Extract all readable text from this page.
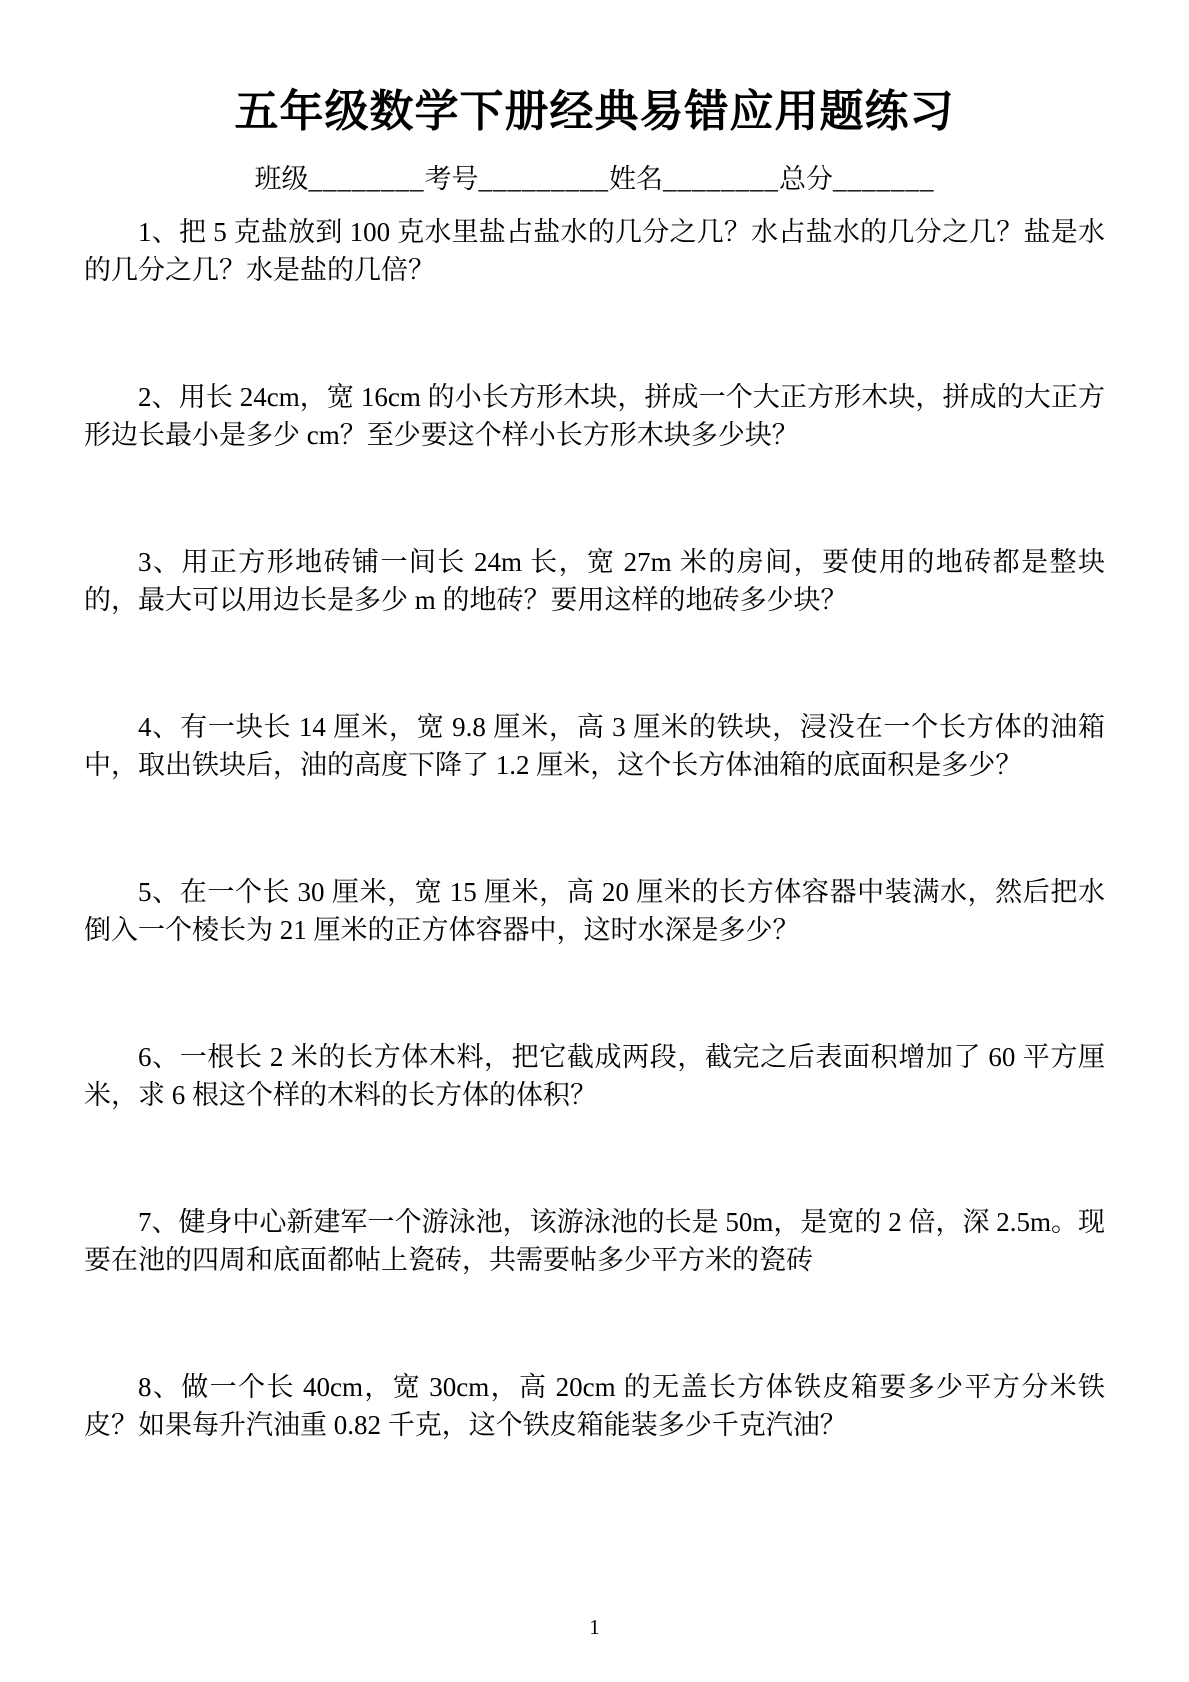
五年级数学下册经典易错应用题练习
班级________考号_________姓名________总分_______

1、把 5 克盐放到 100 克水里盐占盐水的几分之几？水占盐水的几分之几？盐是水的几分之几？水是盐的几倍？

2、用长 24cm，宽 16cm 的小长方形木块，拼成一个大正方形木块，拼成的大正方形边长最小是多少 cm？至少要这个样小长方形木块多少块？

3、用正方形地砖铺一间长 24m 长，宽 27m 米的房间，要使用的地砖都是整块的，最大可以用边长是多少 m 的地砖？要用这样的地砖多少块？

4、有一块长 14 厘米，宽 9.8 厘米，高 3 厘米的铁块，浸没在一个长方体的油箱中，取出铁块后，油的高度下降了 1.2 厘米，这个长方体油箱的底面积是多少？

5、在一个长 30 厘米，宽 15 厘米，高 20 厘米的长方体容器中装满水，然后把水倒入一个棱长为 21 厘米的正方体容器中，这时水深是多少？

6、一根长 2 米的长方体木料，把它截成两段，截完之后表面积增加了 60 平方厘米，求 6 根这个样的木料的长方体的体积？

7、健身中心新建军一个游泳池，该游泳池的长是 50m，是宽的 2 倍，深 2.5m。现要在池的四周和底面都帖上瓷砖，共需要帖多少平方米的瓷砖

8、做一个长 40cm，宽 30cm，高 20cm 的无盖长方体铁皮箱要多少平方分米铁皮？如果每升汽油重 0.82 千克，这个铁皮箱能装多少千克汽油？

1
